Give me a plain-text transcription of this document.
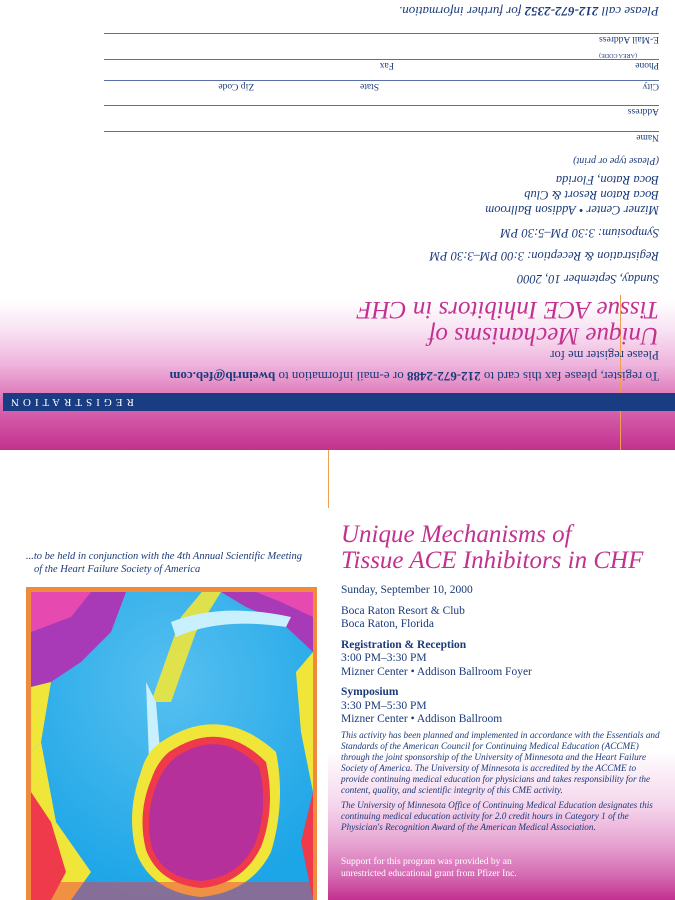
REGISTRATION
To register, please fax this card to 212-672-2488 or e-mail information to bweinrib@feb.com
Please register me for
Unique Mechanisms of
Tissue ACE Inhibitors in CHF
Sunday, September 10, 2000
Registration & Reception: 3:00 PM–3:30 PM
Symposium: 3:30 PM–5:30 PM
Mizner Center • Addison Ballroom
Boca Raton Resort & Club
Boca Raton, Florida
(Please type or print)
Name
Address
City
State
Zip Code
Phone
(AREA CODE)
Fax
E-Mail Address
Please call 212-672-2352 for further information.
...to be held in conjunction with the 4th Annual Scientific Meeting
of the Heart Failure Society of America
Unique Mechanisms of
Tissue ACE Inhibitors in CHF
Sunday, September 10, 2000
Boca Raton Resort & Club
Boca Raton, Florida
Registration & Reception
3:00 PM–3:30 PM
Mizner Center • Addison Ballroom Foyer
Symposium
3:30 PM–5:30 PM
Mizner Center • Addison Ballroom

This activity has been planned and implemented in accordance with the Essentials and Standards of the American Council for Continuing Medical Education (ACCME) through the joint sponsorship of the University of Minnesota and the Heart Failure Society of America. The University of Minnesota is accredited by the ACCME to provide continuing medical education for physicians and takes responsibility for the content, quality, and scientific integrity of this CME activity.

The University of Minnesota Office of Continuing Medical Education designates this continuing medical education activity for 2.0 credit hours in Category 1 of the Physician's Recognition Award of the American Medical Association.

Support for this program was provided by an
unrestricted educational grant from Pfizer Inc.
